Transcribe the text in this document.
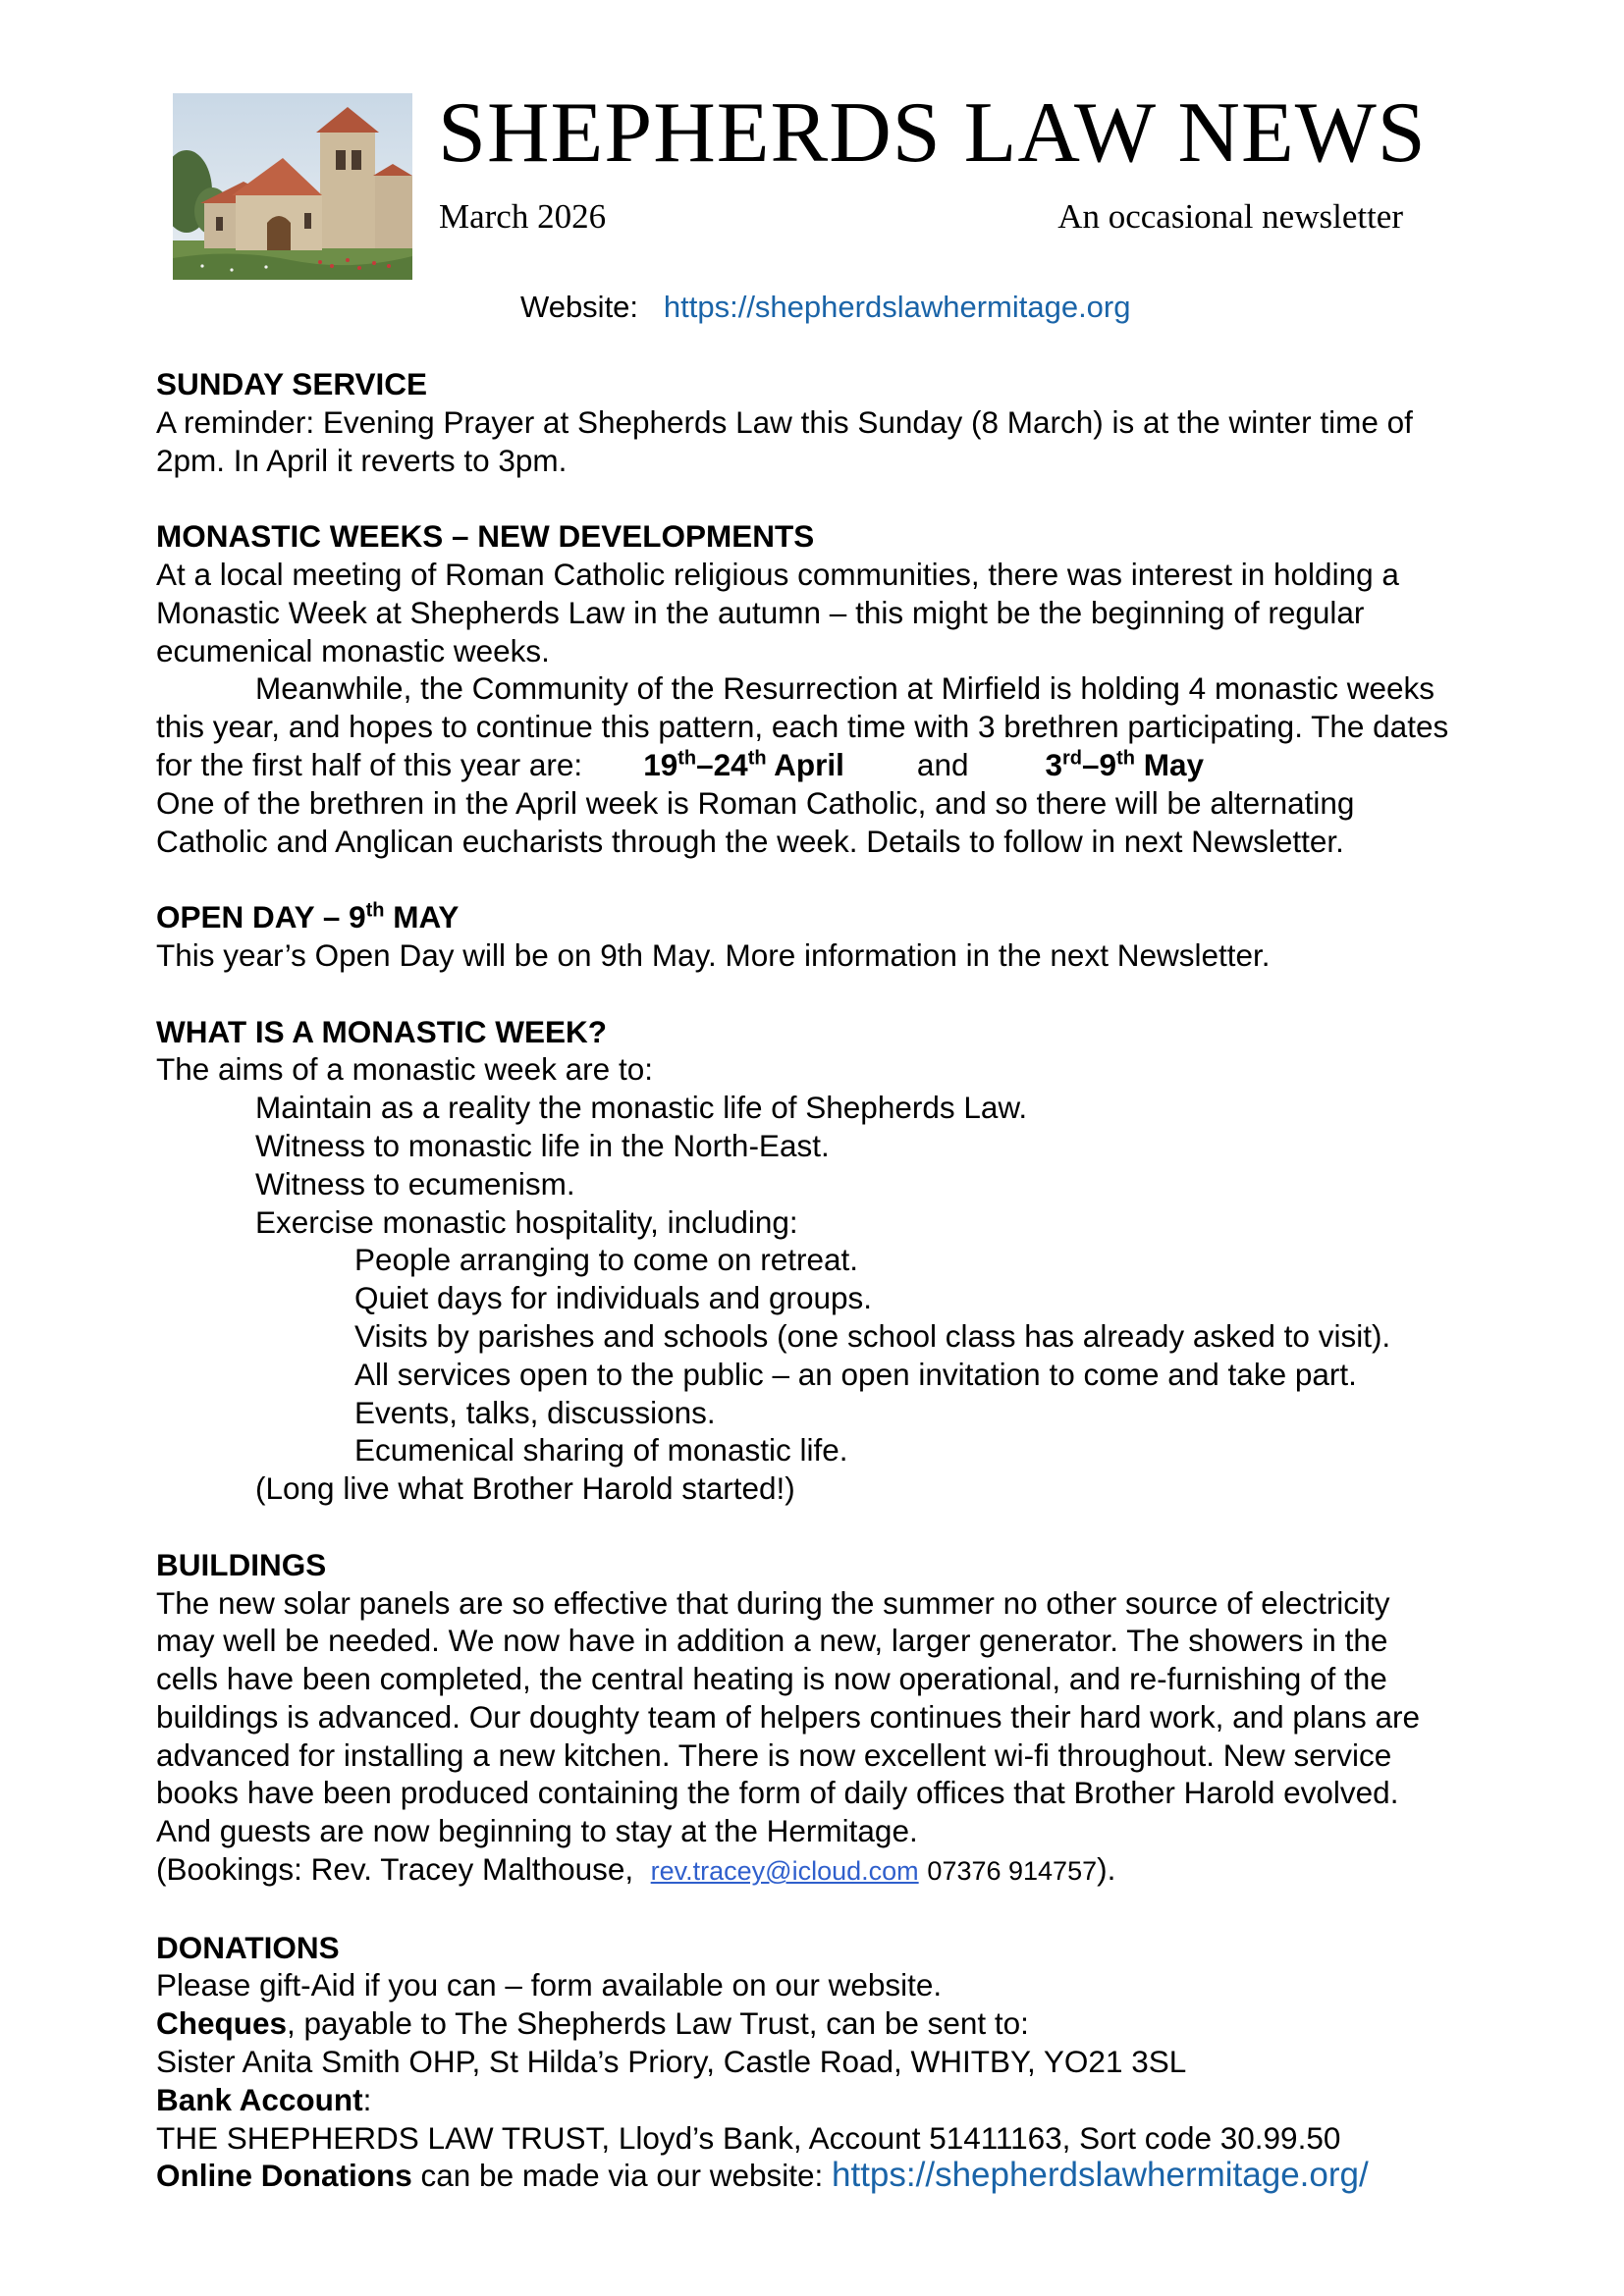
SHEPHERDS LAW NEWS
March 2026	An occasional newsletter
Website: https://shepherdslawhermitage.org

SUNDAY SERVICE

A reminder: Evening Prayer at Shepherds Law this Sunday (8 March) is at the winter time of

2pm. In April it reverts to 3pm.

MONASTIC WEEKS – NEW DEVELOPMENTS

At a local meeting of Roman Catholic religious communities, there was interest in holding a

Monastic Week at Shepherds Law in the autumn – this might be the beginning of regular

ecumenical monastic weeks.

Meanwhile, the Community of the Resurrection at Mirfield is holding 4 monastic weeks

this year, and hopes to continue this pattern, each time with 3 brethren participating. The dates

for the first half of this year are: 19th–24th April and 3rd–9th May

One of the brethren in the April week is Roman Catholic, and so there will be alternating

Catholic and Anglican eucharists through the week. Details to follow in next Newsletter.

OPEN DAY – 9th MAY

This year’s Open Day will be on 9th May. More information in the next Newsletter.

WHAT IS A MONASTIC WEEK?

The aims of a monastic week are to:

Maintain as a reality the monastic life of Shepherds Law.

Witness to monastic life in the North-East.

Witness to ecumenism.

Exercise monastic hospitality, including:

People arranging to come on retreat.

Quiet days for individuals and groups.

Visits by parishes and schools (one school class has already asked to visit).

All services open to the public – an open invitation to come and take part.

Events, talks, discussions.

Ecumenical sharing of monastic life.

(Long live what Brother Harold started!)

BUILDINGS

The new solar panels are so effective that during the summer no other source of electricity

may well be needed. We now have in addition a new, larger generator. The showers in the

cells have been completed, the central heating is now operational, and re-furnishing of the

buildings is advanced. Our doughty team of helpers continues their hard work, and plans are

advanced for installing a new kitchen. There is now excellent wi-fi throughout. New service

books have been produced containing the form of daily offices that Brother Harold evolved.

And guests are now beginning to stay at the Hermitage.

(Bookings: Rev. Tracey Malthouse, rev.tracey@icloud.com 07376 914757).

DONATIONS

Please gift-Aid if you can – form available on our website.

Cheques, payable to The Shepherds Law Trust, can be sent to:

Sister Anita Smith OHP, St Hilda’s Priory, Castle Road, WHITBY, YO21 3SL

Bank Account:

THE SHEPHERDS LAW TRUST, Lloyd’s Bank, Account 51411163, Sort code 30.99.50

Online Donations can be made via our website: https://shepherdslawhermitage.org/
